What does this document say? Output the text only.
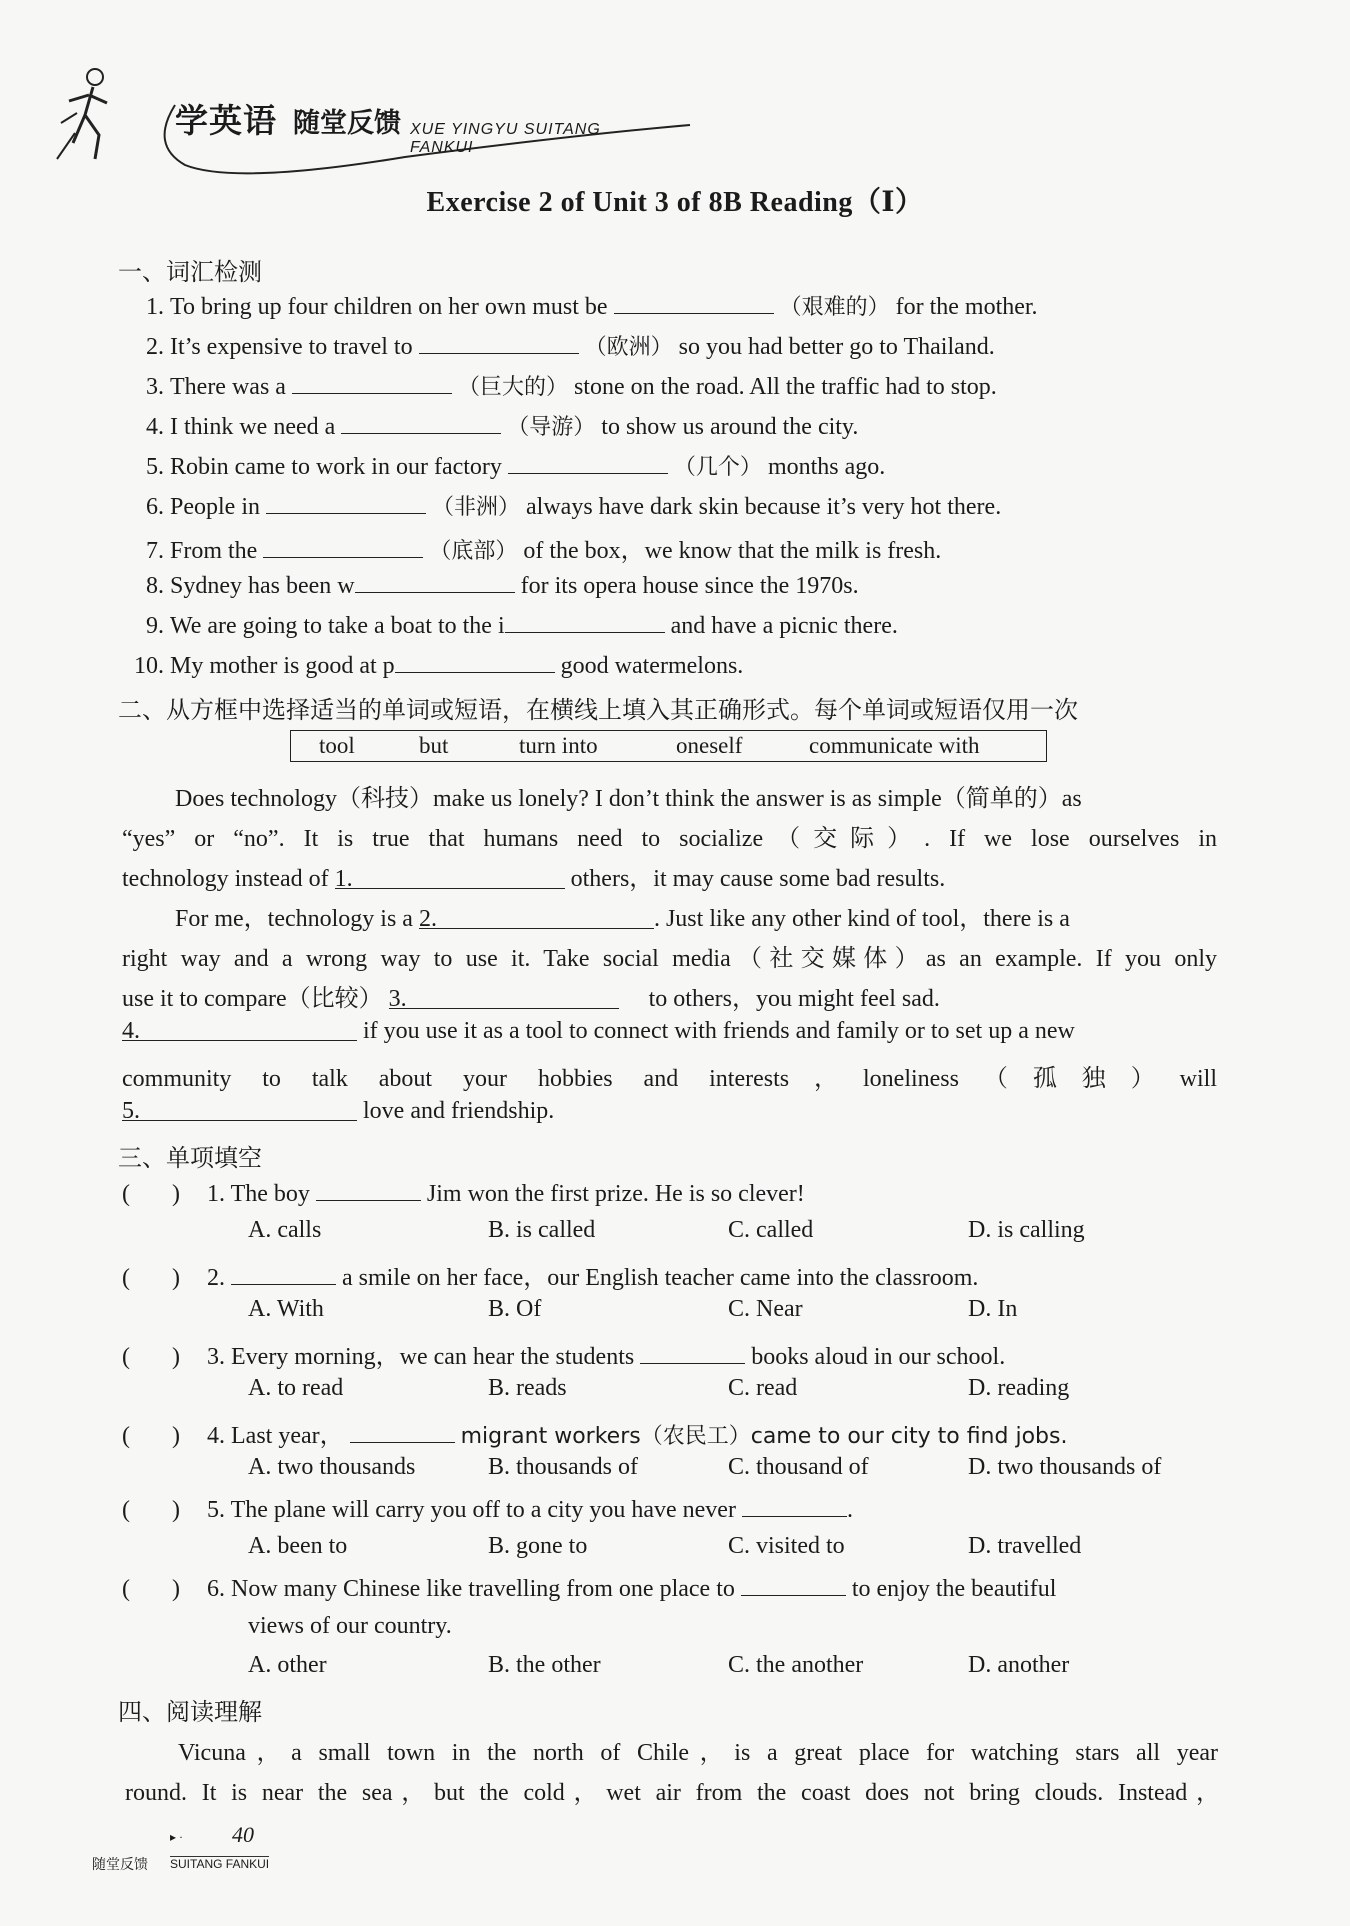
学英语 随堂反馈 XUE YINGYU SUITANG FANKUI
Exercise 2 of Unit 3 of 8B Reading（Ⅰ）
一、词汇检测
1. To bring up four children on her own must be	（艰难的） for the mother.
2. It’s expensive to travel to	（欧洲） so you had better go to Thailand.
3. There was a	（巨大的） stone on the road. All the traffic had to stop.
4. I think we need a	（导游） to show us around the city.
5. Robin came to work in our factory	（几个） months ago.
6. People in	（非洲） always have dark skin because it’s very hot there.
7. From the	（底部） of the box，we know that the milk is fresh.
8. Sydney has been w	for its opera house since the 1970s.
9. We are going to take a boat to the i	and have a picnic there.
10. My mother is good at p	good watermelons.
二、从方框中选择适当的单词或短语，在横线上填入其正确形式。每个单词或短语仅用一次
tool	but	turn into	oneself	communicate with
Does technology（科技）make us lonely? I don’t think the answer is as simple（简单的）as
“yes” or “no”. It is true that humans need to socialize（交际）. If we lose ourselves in
technology instead of 1.	others，it may cause some bad results.
For me，technology is a 2.	. Just like any other kind of tool，there is a
right way and a wrong way to use it. Take social media（社交媒体）as an example. If you only
use it to compare（比较） 3.	to others，you might feel sad.
4.	if you use it as a tool to connect with friends and family or to set up a new
community to talk about your hobbies and interests，loneliness（孤独）will
5.	love and friendship.
三、单项填空
(       ) 1. The boy	Jim won the first prize. He is so clever!
A. calls	B. is called	C. called	D. is calling
(       ) 2.	a smile on her face，our English teacher came into the classroom.
A. With	B. Of	C. Near	D. In
(       ) 3. Every morning，we can hear the students	books aloud in our school.
A. to read	B. reads	C. read	D. reading
(       ) 4. Last year，	migrant workers（农民工）came to our city to find jobs.
A. two thousands	B. thousands of	C. thousand of	D. two thousands of
(       ) 5. The plane will carry you off to a city you have never	.
A. been to	B. gone to	C. visited to	D. travelled
(       ) 6. Now many Chinese like travelling from one place to	to enjoy the beautiful
views of our country.
A. other	B. the other	C. the another	D. another
四、阅读理解
Vicuna，a small town in the north of Chile，is a great place for watching stars all year
round. It is near the sea，but the cold，wet air from the coast does not bring clouds. Instead，
▸ · 40
随堂反馈 SUITANG FANKUI
